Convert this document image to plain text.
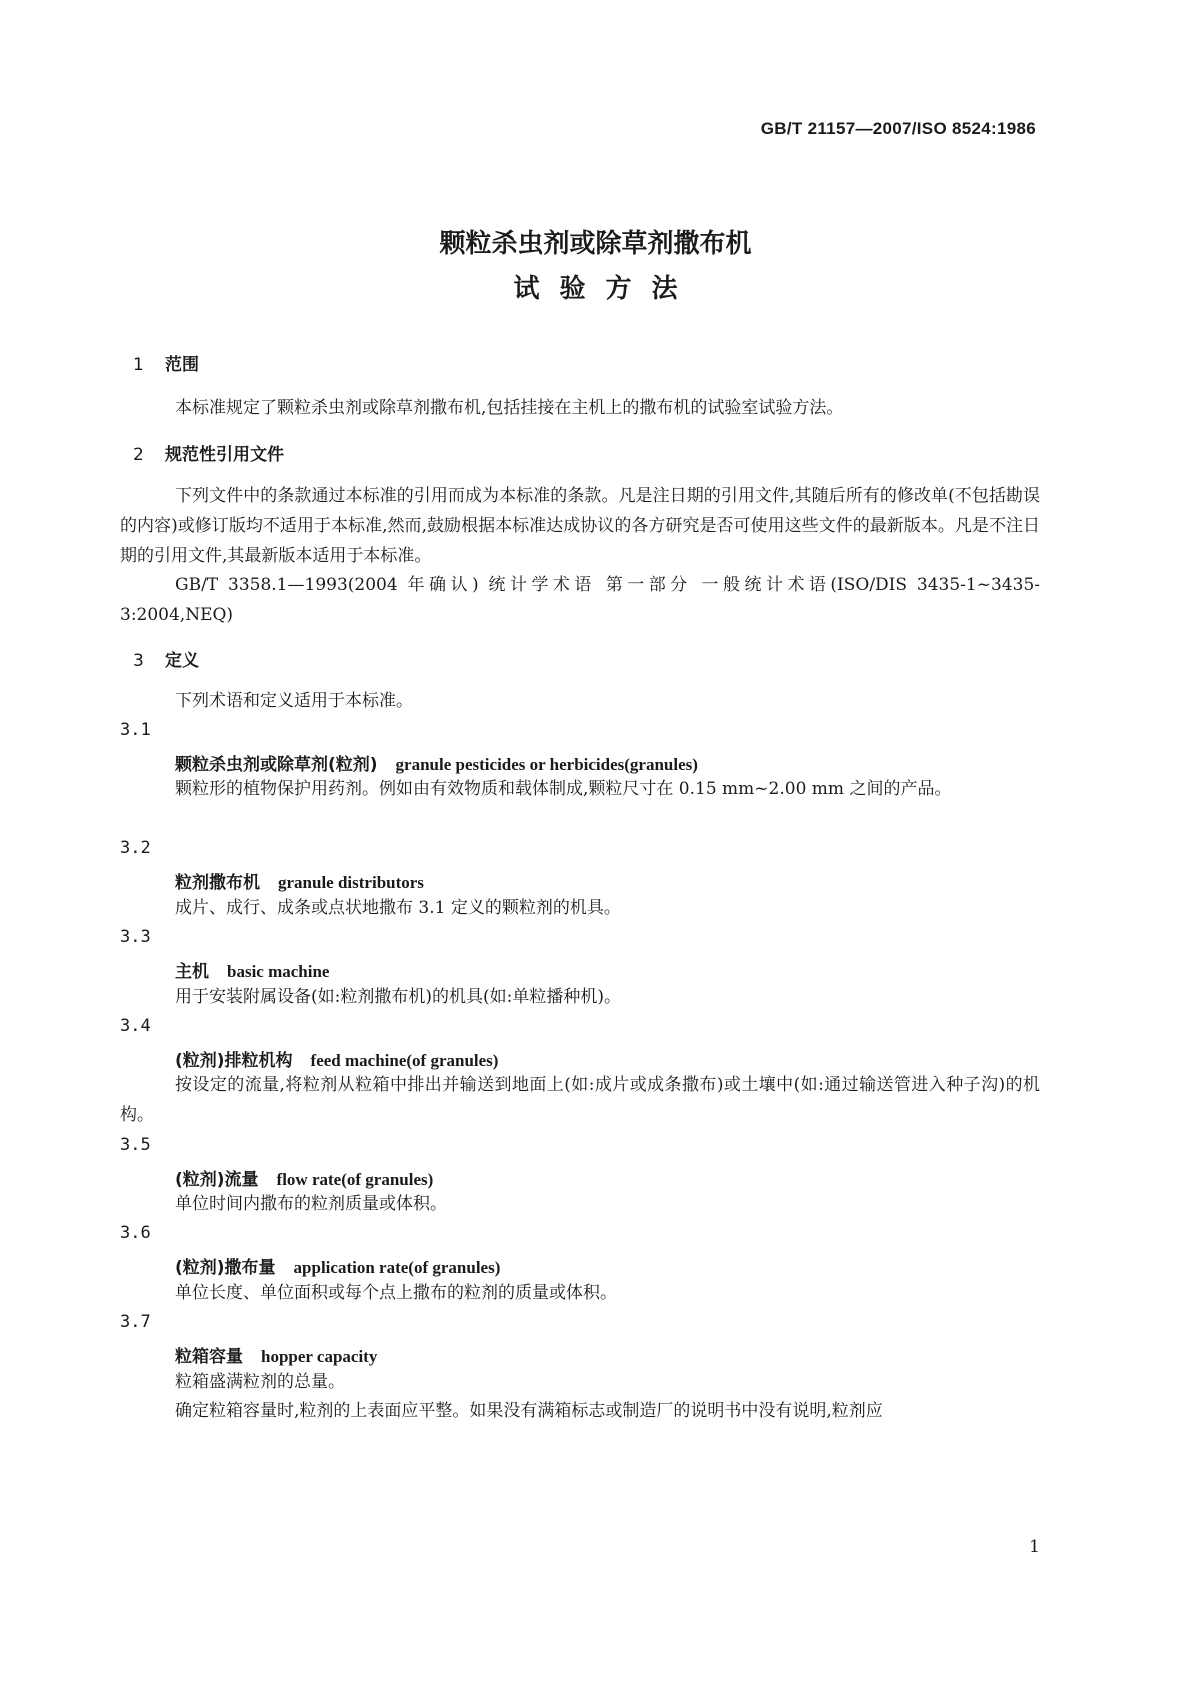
GB/T 21157—2007/ISO 8524:1986
颗粒杀虫剂或除草剂撒布机
试验方法
1 范围
本标准规定了颗粒杀虫剂或除草剂撒布机,包括挂接在主机上的撒布机的试验室试验方法。
2 规范性引用文件
下列文件中的条款通过本标准的引用而成为本标准的条款。凡是注日期的引用文件,其随后所有的修改单(不包括勘误的内容)或修订版均不适用于本标准,然而,鼓励根据本标准达成协议的各方研究是否可使用这些文件的最新版本。凡是不注日期的引用文件,其最新版本适用于本标准。
GB/T 3358.1—1993(2004 年确认) 统计学术语 第一部分 一般统计术语(ISO/DIS 3435-1~3435-3:2004,NEQ)
3 定义
下列术语和定义适用于本标准。
3.1
颗粒杀虫剂或除草剂(粒剂) granule pesticides or herbicides(granules)
颗粒形的植物保护用药剂。例如由有效物质和载体制成,颗粒尺寸在 0.15 mm~2.00 mm 之间的产品。
3.2
粒剂撒布机 granule distributors
成片、成行、成条或点状地撒布 3.1 定义的颗粒剂的机具。
3.3
主机 basic machine
用于安装附属设备(如:粒剂撒布机)的机具(如:单粒播种机)。
3.4
(粒剂)排粒机构 feed machine(of granules)
按设定的流量,将粒剂从粒箱中排出并输送到地面上(如:成片或成条撒布)或土壤中(如:通过输送管进入种子沟)的机构。
3.5
(粒剂)流量 flow rate(of granules)
单位时间内撒布的粒剂质量或体积。
3.6
(粒剂)撒布量 application rate(of granules)
单位长度、单位面积或每个点上撒布的粒剂的质量或体积。
3.7
粒箱容量 hopper capacity
粒箱盛满粒剂的总量。
确定粒箱容量时,粒剂的上表面应平整。如果没有满箱标志或制造厂的说明书中没有说明,粒剂应
1
